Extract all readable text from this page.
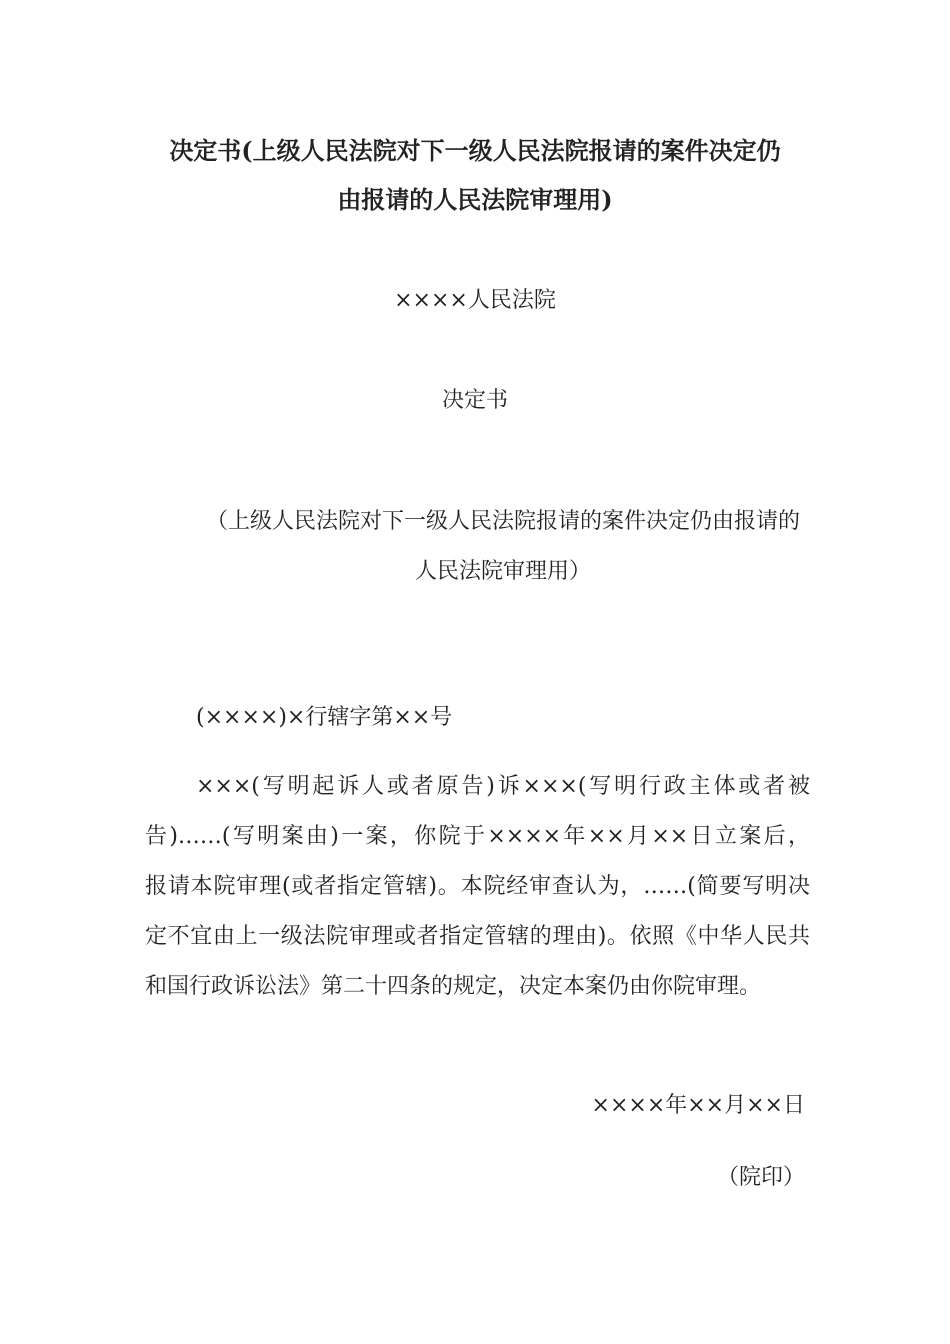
决定书(上级人民法院对下一级人民法院报请的案件决定仍
由报请的人民法院审理用)
××××人民法院
决定书
（上级人民法院对下一级人民法院报请的案件决定仍由报请的
人民法院审理用）
(××××)×行辖字第××号
×××(写明起诉人或者原告)诉×××(写明行政主体或者被
告)……(写明案由)一案，你院于××××年××月××日立案后，
报请本院审理(或者指定管辖)。本院经审查认为，……(简要写明决
定不宜由上一级法院审理或者指定管辖的理由)。依照《中华人民共
和国行政诉讼法》第二十四条的规定，决定本案仍由你院审理。
××××年××月××日
（院印）
